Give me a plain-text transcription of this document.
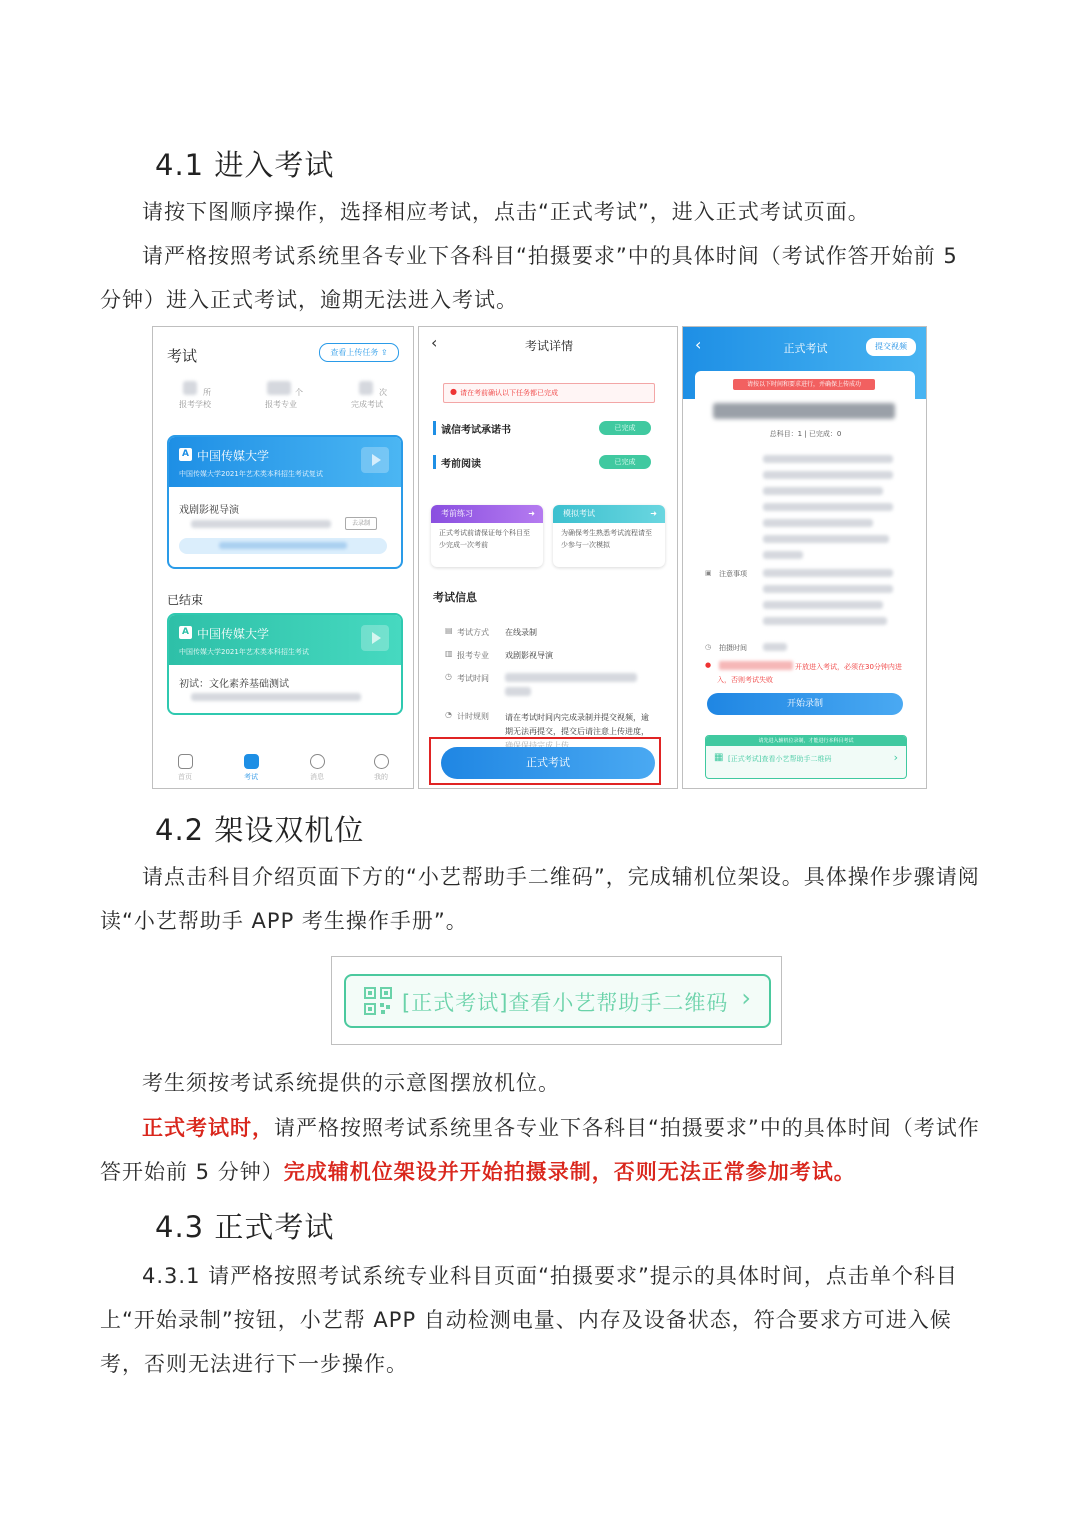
4.1 进入考试
请按下图顺序操作，选择相应考试，点击“正式考试”，进入正式考试页面。
请严格按照考试系统里各专业下各科目“拍摄要求”中的具体时间（考试作答开始前 5 分钟）进入正式考试，逾期无法进入考试。
考试	查看上传任务 ⇪
所
报考学校
个
报考专业
次
完成考试
A 中国传媒大学
中国传媒大学2021年艺术类本科招生考试复试
戏剧影视导演
去录制
已结束
A 中国传媒大学
中国传媒大学2021年艺术类本科招生考试
初试：文化素养基础测试
首页	考试	消息	我的
‹	考试详情
● 请在考前确认以下任务都已完成
诚信考试承诺书	已完成
考前阅读	已完成
考前练习	➜
正式考试前请保证每个科目至少完成一次考前
模拟考试	➜
为确保考生熟悉考试流程请至少参与一次模拟
考试信息
▤ 考试方式 在线录制
▥ 报考专业 戏剧影视导演
◷ 考试时间
◔ 计时规则 请在考试时间内完成录制并提交视频，逾期无法再提交，提交后请注意上传进度，
正式考试
‹	正式考试	提交视频
请按以下时间和要求进行，并确保上传成功
总科目：1 | 已完成：0
▣ 注意事项
◷ 拍摄时间
●	开放进入考试，必须在30分钟内进入，否则考试失败
开始录制
请先进入辅机位录制，才能进行本科目考试
▦ [正式考试]查看小艺帮助手二维码	›
4.2 架设双机位
请点击科目介绍页面下方的“小艺帮助手二维码”，完成辅机位架设。具体操作步骤请阅读“小艺帮助手 APP 考生操作手册”。
[正式考试]查看小艺帮助手二维码 ›
考生须按考试系统提供的示意图摆放机位。
正式考试时，请严格按照考试系统里各专业下各科目“拍摄要求”中的具体时间（考试作答开始前 5 分钟）完成辅机位架设并开始拍摄录制，否则无法正常参加考试。
4.3 正式考试
4.3.1 请严格按照考试系统专业科目页面“拍摄要求”提示的具体时间，点击单个科目上“开始录制”按钮，小艺帮 APP 自动检测电量、内存及设备状态，符合要求方可进入候考，否则无法进行下一步操作。
